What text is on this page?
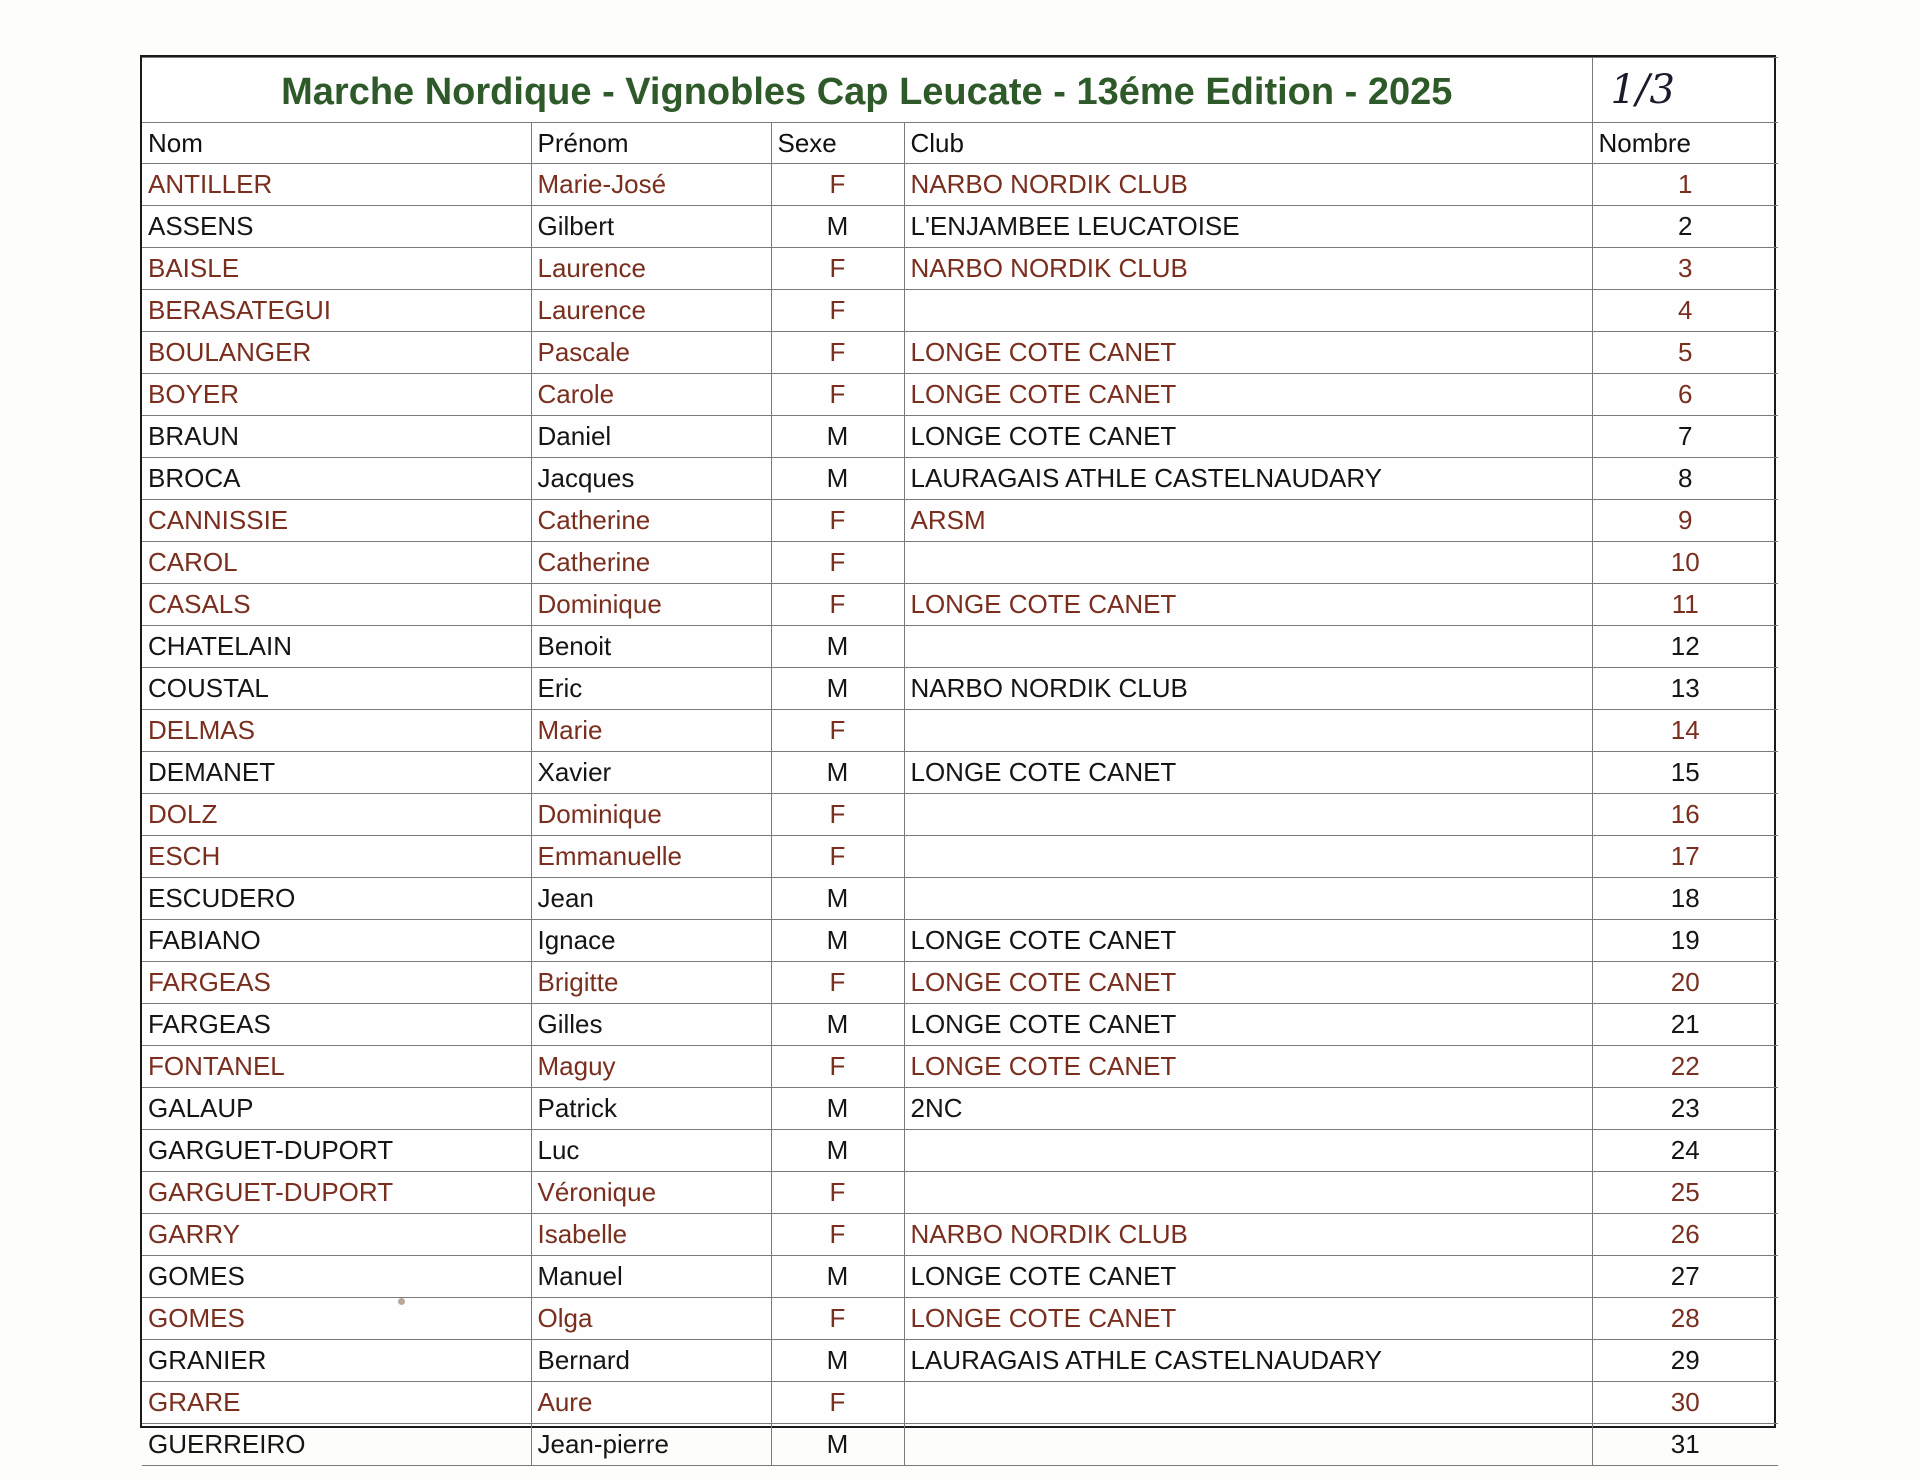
Marche Nordique - Vignobles Cap Leucate - 13éme Edition - 2025				1/3
Nom	Prénom	Sexe	Club	Nombre
ANTILLER	Marie-José	F	NARBO NORDIK CLUB	1
ASSENS	Gilbert	M	L'ENJAMBEE LEUCATOISE	2
BAISLE	Laurence	F	NARBO NORDIK CLUB	3
BERASATEGUI	Laurence	F		4
BOULANGER	Pascale	F	LONGE COTE CANET	5
BOYER	Carole	F	LONGE COTE CANET	6
BRAUN	Daniel	M	LONGE COTE CANET	7
BROCA	Jacques	M	LAURAGAIS ATHLE CASTELNAUDARY	8
CANNISSIE	Catherine	F	ARSM	9
CAROL	Catherine	F		10
CASALS	Dominique	F	LONGE COTE CANET	11
CHATELAIN	Benoit	M		12
COUSTAL	Eric	M	NARBO NORDIK CLUB	13
DELMAS	Marie	F		14
DEMANET	Xavier	M	LONGE COTE CANET	15
DOLZ	Dominique	F		16
ESCH	Emmanuelle	F		17
ESCUDERO	Jean	M		18
FABIANO	Ignace	M	LONGE COTE CANET	19
FARGEAS	Brigitte	F	LONGE COTE CANET	20
FARGEAS	Gilles	M	LONGE COTE CANET	21
FONTANEL	Maguy	F	LONGE COTE CANET	22
GALAUP	Patrick	M	2NC	23
GARGUET-DUPORT	Luc	M		24
GARGUET-DUPORT	Véronique	F		25
GARRY	Isabelle	F	NARBO NORDIK CLUB	26
GOMES	Manuel	M	LONGE COTE CANET	27
GOMES	Olga	F	LONGE COTE CANET	28
GRANIER	Bernard	M	LAURAGAIS ATHLE CASTELNAUDARY	29
GRARE	Aure	F		30
GUERREIRO	Jean-pierre	M		31
